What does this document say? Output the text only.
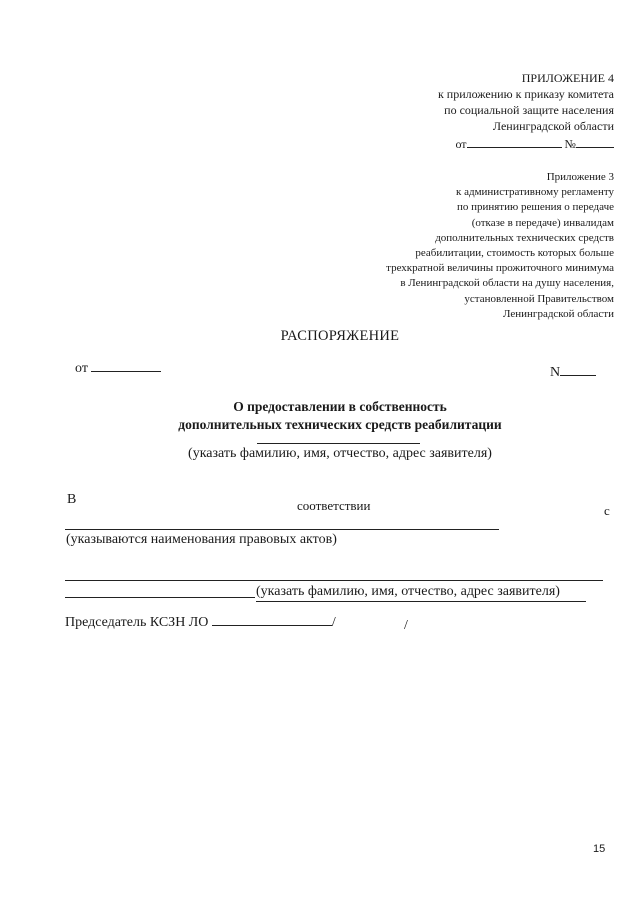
ПРИЛОЖЕНИЕ 4
к приложению к приказу комитета
по социальной защите населения
Ленинградской области
от	№
Приложение 3
к административному регламенту
по принятию решения о передаче
(отказе в передаче) инвалидам
дополнительных технических средств
реабилитации, стоимость которых больше
трехкратной величины прожиточного минимума
в Ленинградской области на душу населения,
установленной Правительством
Ленинградской области
РАСПОРЯЖЕНИЕ
от	N
О предоставлении в собственность
дополнительных технических средств реабилитации
(указать фамилию, имя, отчество, адрес заявителя)
В	соответствии	с
(указываются наименования правовых актов)
(указать фамилию, имя, отчество, адрес заявителя)
Председатель КСЗН ЛО	/	/
15
